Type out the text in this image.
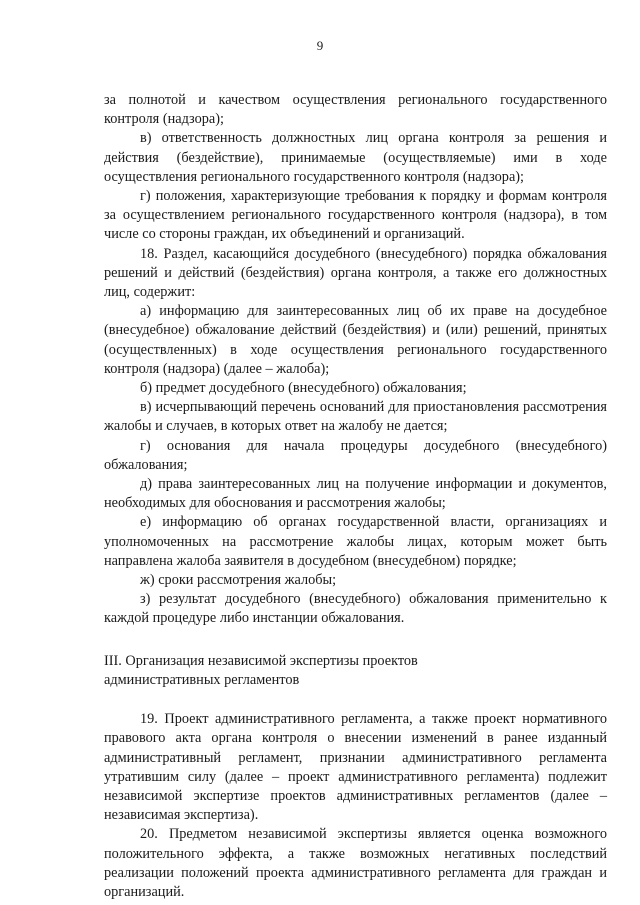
9

за полнотой и качеством осуществления регионального государственного контроля (надзора);

в) ответственность должностных лиц органа контроля за решения и действия (бездействие), принимаемые (осуществляемые) ими в ходе осуществления регионального государственного контроля (надзора);

г) положения, характеризующие требования к порядку и формам контроля за осуществлением регионального государственного контроля (надзора), в том числе со стороны граждан, их объединений и организаций.

18. Раздел, касающийся досудебного (внесудебного) порядка обжалования решений и действий (бездействия) органа контроля, а также его должностных лиц, содержит:

а) информацию для заинтересованных лиц об их праве на досудебное (внесудебное) обжалование действий (бездействия) и (или) решений, принятых (осуществленных) в ходе осуществления регионального государственного контроля (надзора) (далее – жалоба);

б) предмет досудебного (внесудебного) обжалования;

в) исчерпывающий перечень оснований для приостановления рассмотрения жалобы и случаев, в которых ответ на жалобу не дается;

г) основания для начала процедуры досудебного (внесудебного) обжалования;

д) права заинтересованных лиц на получение информации и документов, необходимых для обоснования и рассмотрения жалобы;

е) информацию об органах государственной власти, организациях и уполномоченных на рассмотрение жалобы лицах, которым может быть направлена жалоба заявителя в досудебном (внесудебном) порядке;

ж) сроки рассмотрения жалобы;

з) результат досудебного (внесудебного) обжалования применительно к каждой процедуре либо инстанции обжалования.

III. Организация независимой экспертизы проектов

административных регламентов

19. Проект административного регламента, а также проект нормативного правового акта органа контроля о внесении изменений в ранее изданный административный регламент, признании административного регламента утратившим силу (далее – проект административного регламента) подлежит независимой экспертизе проектов административных регламентов (далее – независимая экспертиза).

20. Предметом независимой экспертизы является оценка возможного положительного эффекта, а также возможных негативных последствий реализации положений проекта административного регламента для граждан и организаций.
